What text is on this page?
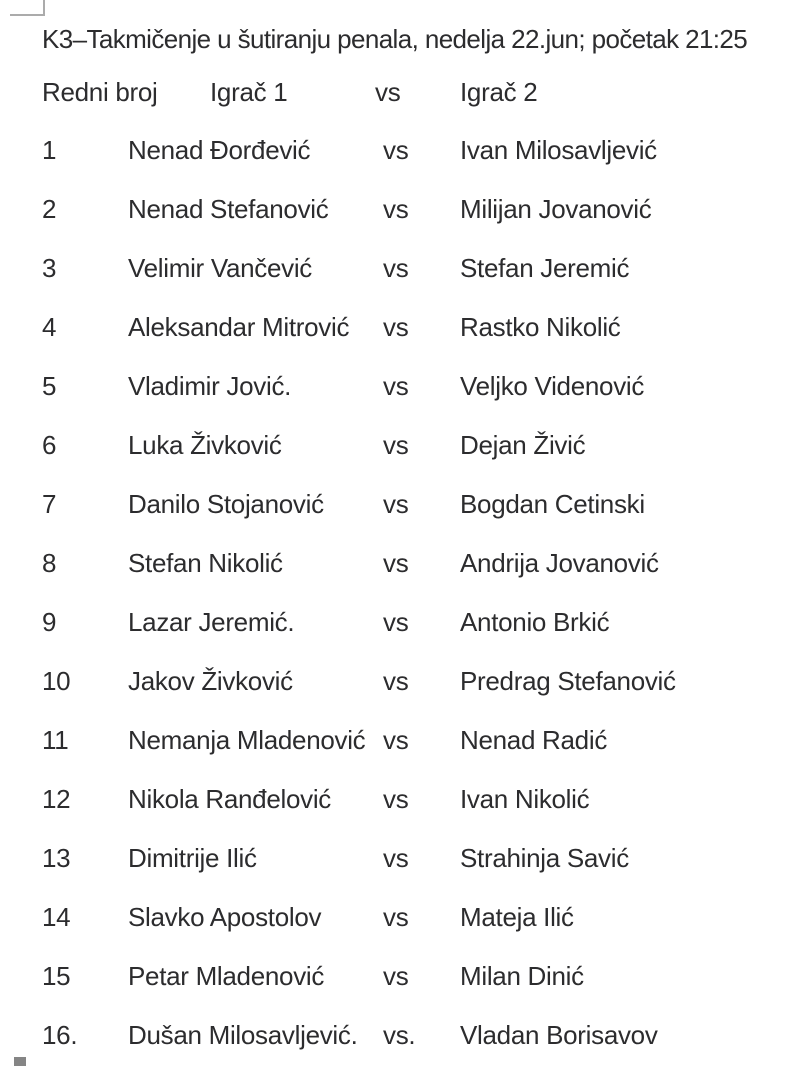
K3–Takmičenje u šutiranju penala, nedelja 22.jun; početak 21:25
Redni broj	Igrač 1	vs	Igrač 2
1	Nenad Đorđević	vs	Ivan Milosavljević
2	Nenad Stefanović	vs	Milijan Jovanović
3	Velimir Vančević	vs	Stefan Jeremić
4	Aleksandar Mitrović	vs	Rastko Nikolić
5	Vladimir Jović.	vs	Veljko Videnović
6	Luka Živković	vs	Dejan Živić
7	Danilo Stojanović	vs	Bogdan Cetinski
8	Stefan Nikolić	vs	Andrija Jovanović
9	Lazar Jeremić.	vs	Antonio Brkić
10	Jakov Živković	vs	Predrag Stefanović
11	Nemanja Mladenović vs	Nenad Radić
12	Nikola Ranđelović	vs	Ivan Nikolić
13	Dimitrije Ilić	vs	Strahinja Savić
14	Slavko Apostolov	vs	Mateja Ilić
15	Petar Mladenović	vs	Milan Dinić
16.	Dušan Milosavljević. vs.	Vladan Borisavov
